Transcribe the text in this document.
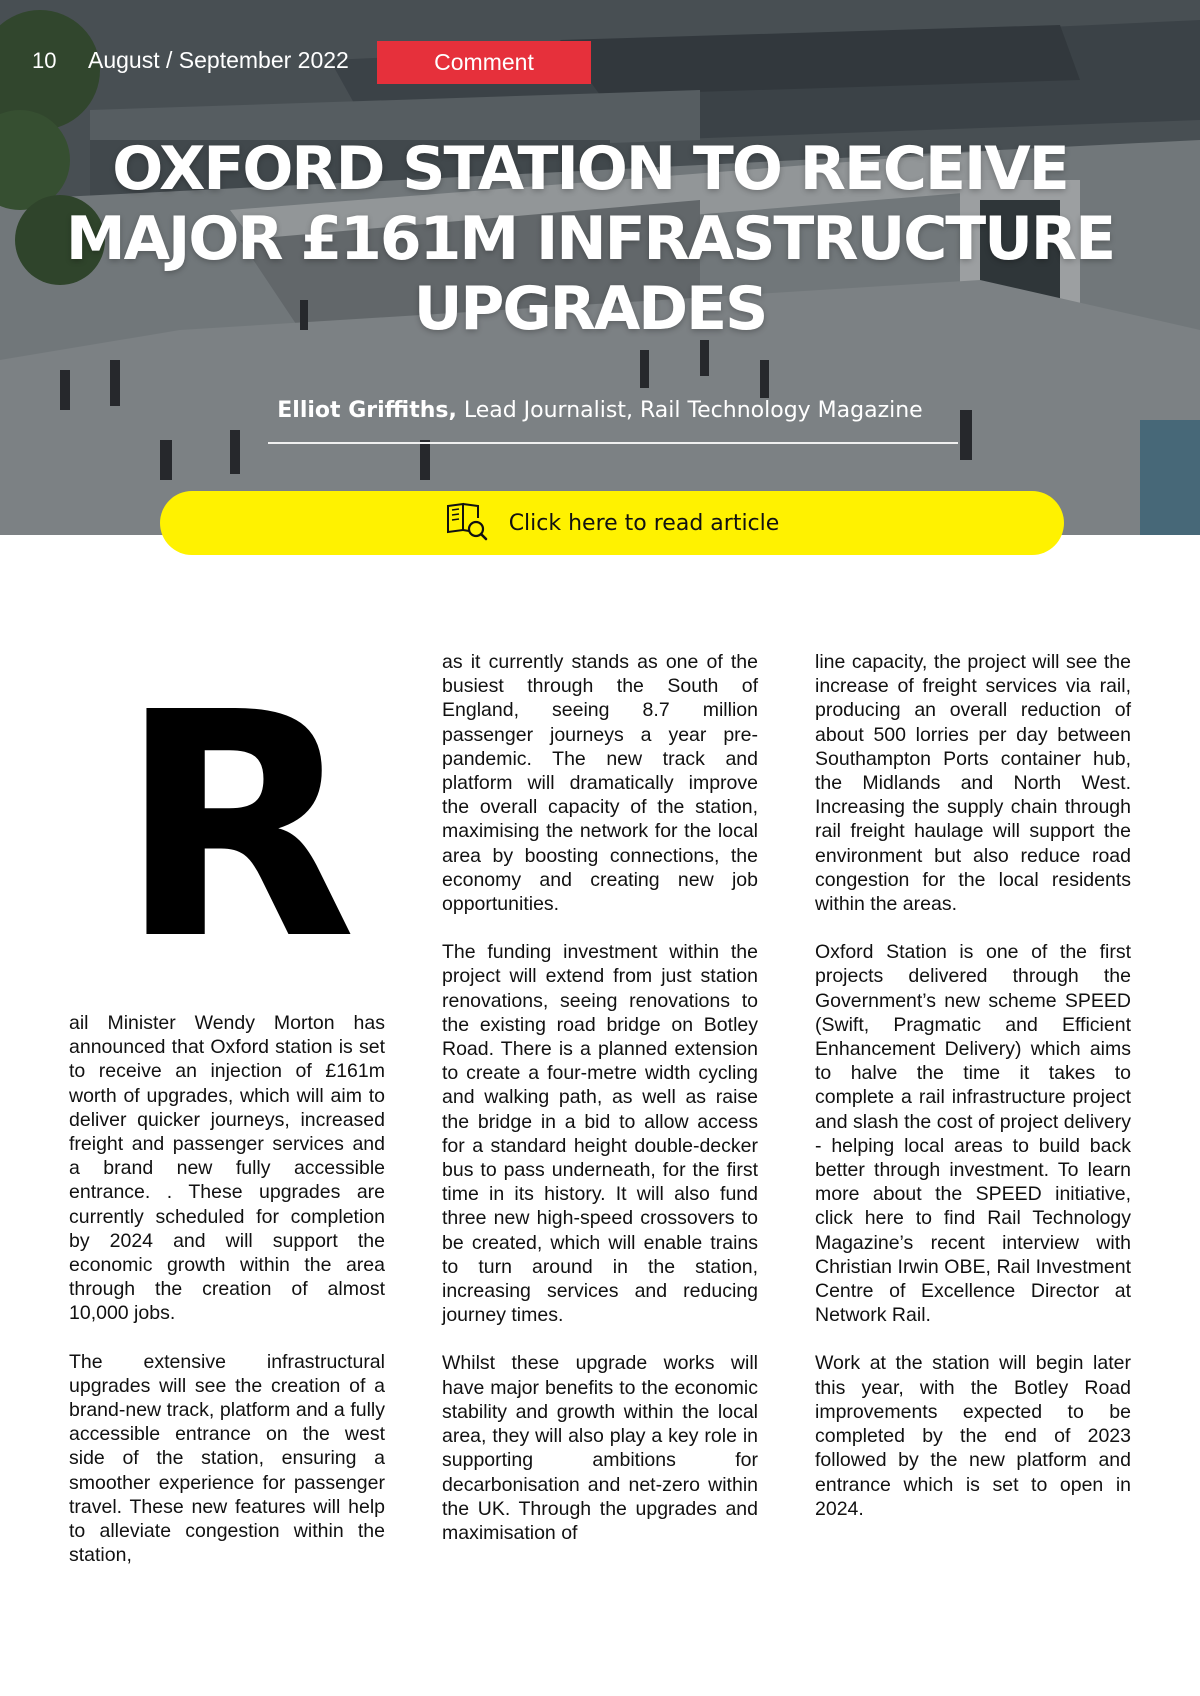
10 August / September 2022	Comment
OXFORD STATION TO RECEIVE MAJOR £161M INFRASTRUCTURE UPGRADES
Elliot Griffiths, Lead Journalist, Rail Technology Magazine
Click here to read article
R

ail Minister Wendy Morton has announced that Oxford station is set to receive an injection of £161m worth of upgrades, which will aim to deliver quicker journeys, increased freight and passenger services and a brand new fully accessible entrance. . These upgrades are currently scheduled for completion by 2024 and will support the economic growth within the area through the creation of almost 10,000 jobs.

The extensive infrastructural upgrades will see the creation of a brand-new track, platform and a fully accessible entrance on the west side of the station, ensuring a smoother experience for passenger travel. These new features will help to alleviate congestion within the station,

as it currently stands as one of the busiest through the South of England, seeing 8.7 million passenger journeys a year pre-pandemic. The new track and platform will dramatically improve the overall capacity of the station, maximising the network for the local area by boosting connections, the economy and creating new job opportunities.

The funding investment within the project will extend from just station renovations, seeing renovations to the existing road bridge on Botley Road. There is a planned extension to create a four-metre width cycling and walking path, as well as raise the bridge in a bid to allow access for a standard height double-decker bus to pass underneath, for the first time in its history. It will also fund three new high-speed crossovers to be created, which will enable trains to turn around in the station, increasing services and reducing journey times.

Whilst these upgrade works will have major benefits to the economic stability and growth within the local area, they will also play a key role in supporting ambitions for decarbonisation and net-zero within the UK. Through the upgrades and maximisation of

line capacity, the project will see the increase of freight services via rail, producing an overall reduction of about 500 lorries per day between Southampton Ports container hub, the Midlands and North West. Increasing the supply chain through rail freight haulage will support the environment but also reduce road congestion for the local residents within the areas.

Oxford Station is one of the first projects delivered through the Government’s new scheme SPEED (Swift, Pragmatic and Efficient Enhancement Delivery) which aims to halve the time it takes to complete a rail infrastructure project and slash the cost of project delivery - helping local areas to build back better through investment. To learn more about the SPEED initiative, click here to find Rail Technology Magazine’s recent interview with Christian Irwin OBE, Rail Investment Centre of Excellence Director at Network Rail.

Work at the station will begin later this year, with the Botley Road improvements expected to be completed by the end of 2023 followed by the new platform and entrance which is set to open in 2024.
